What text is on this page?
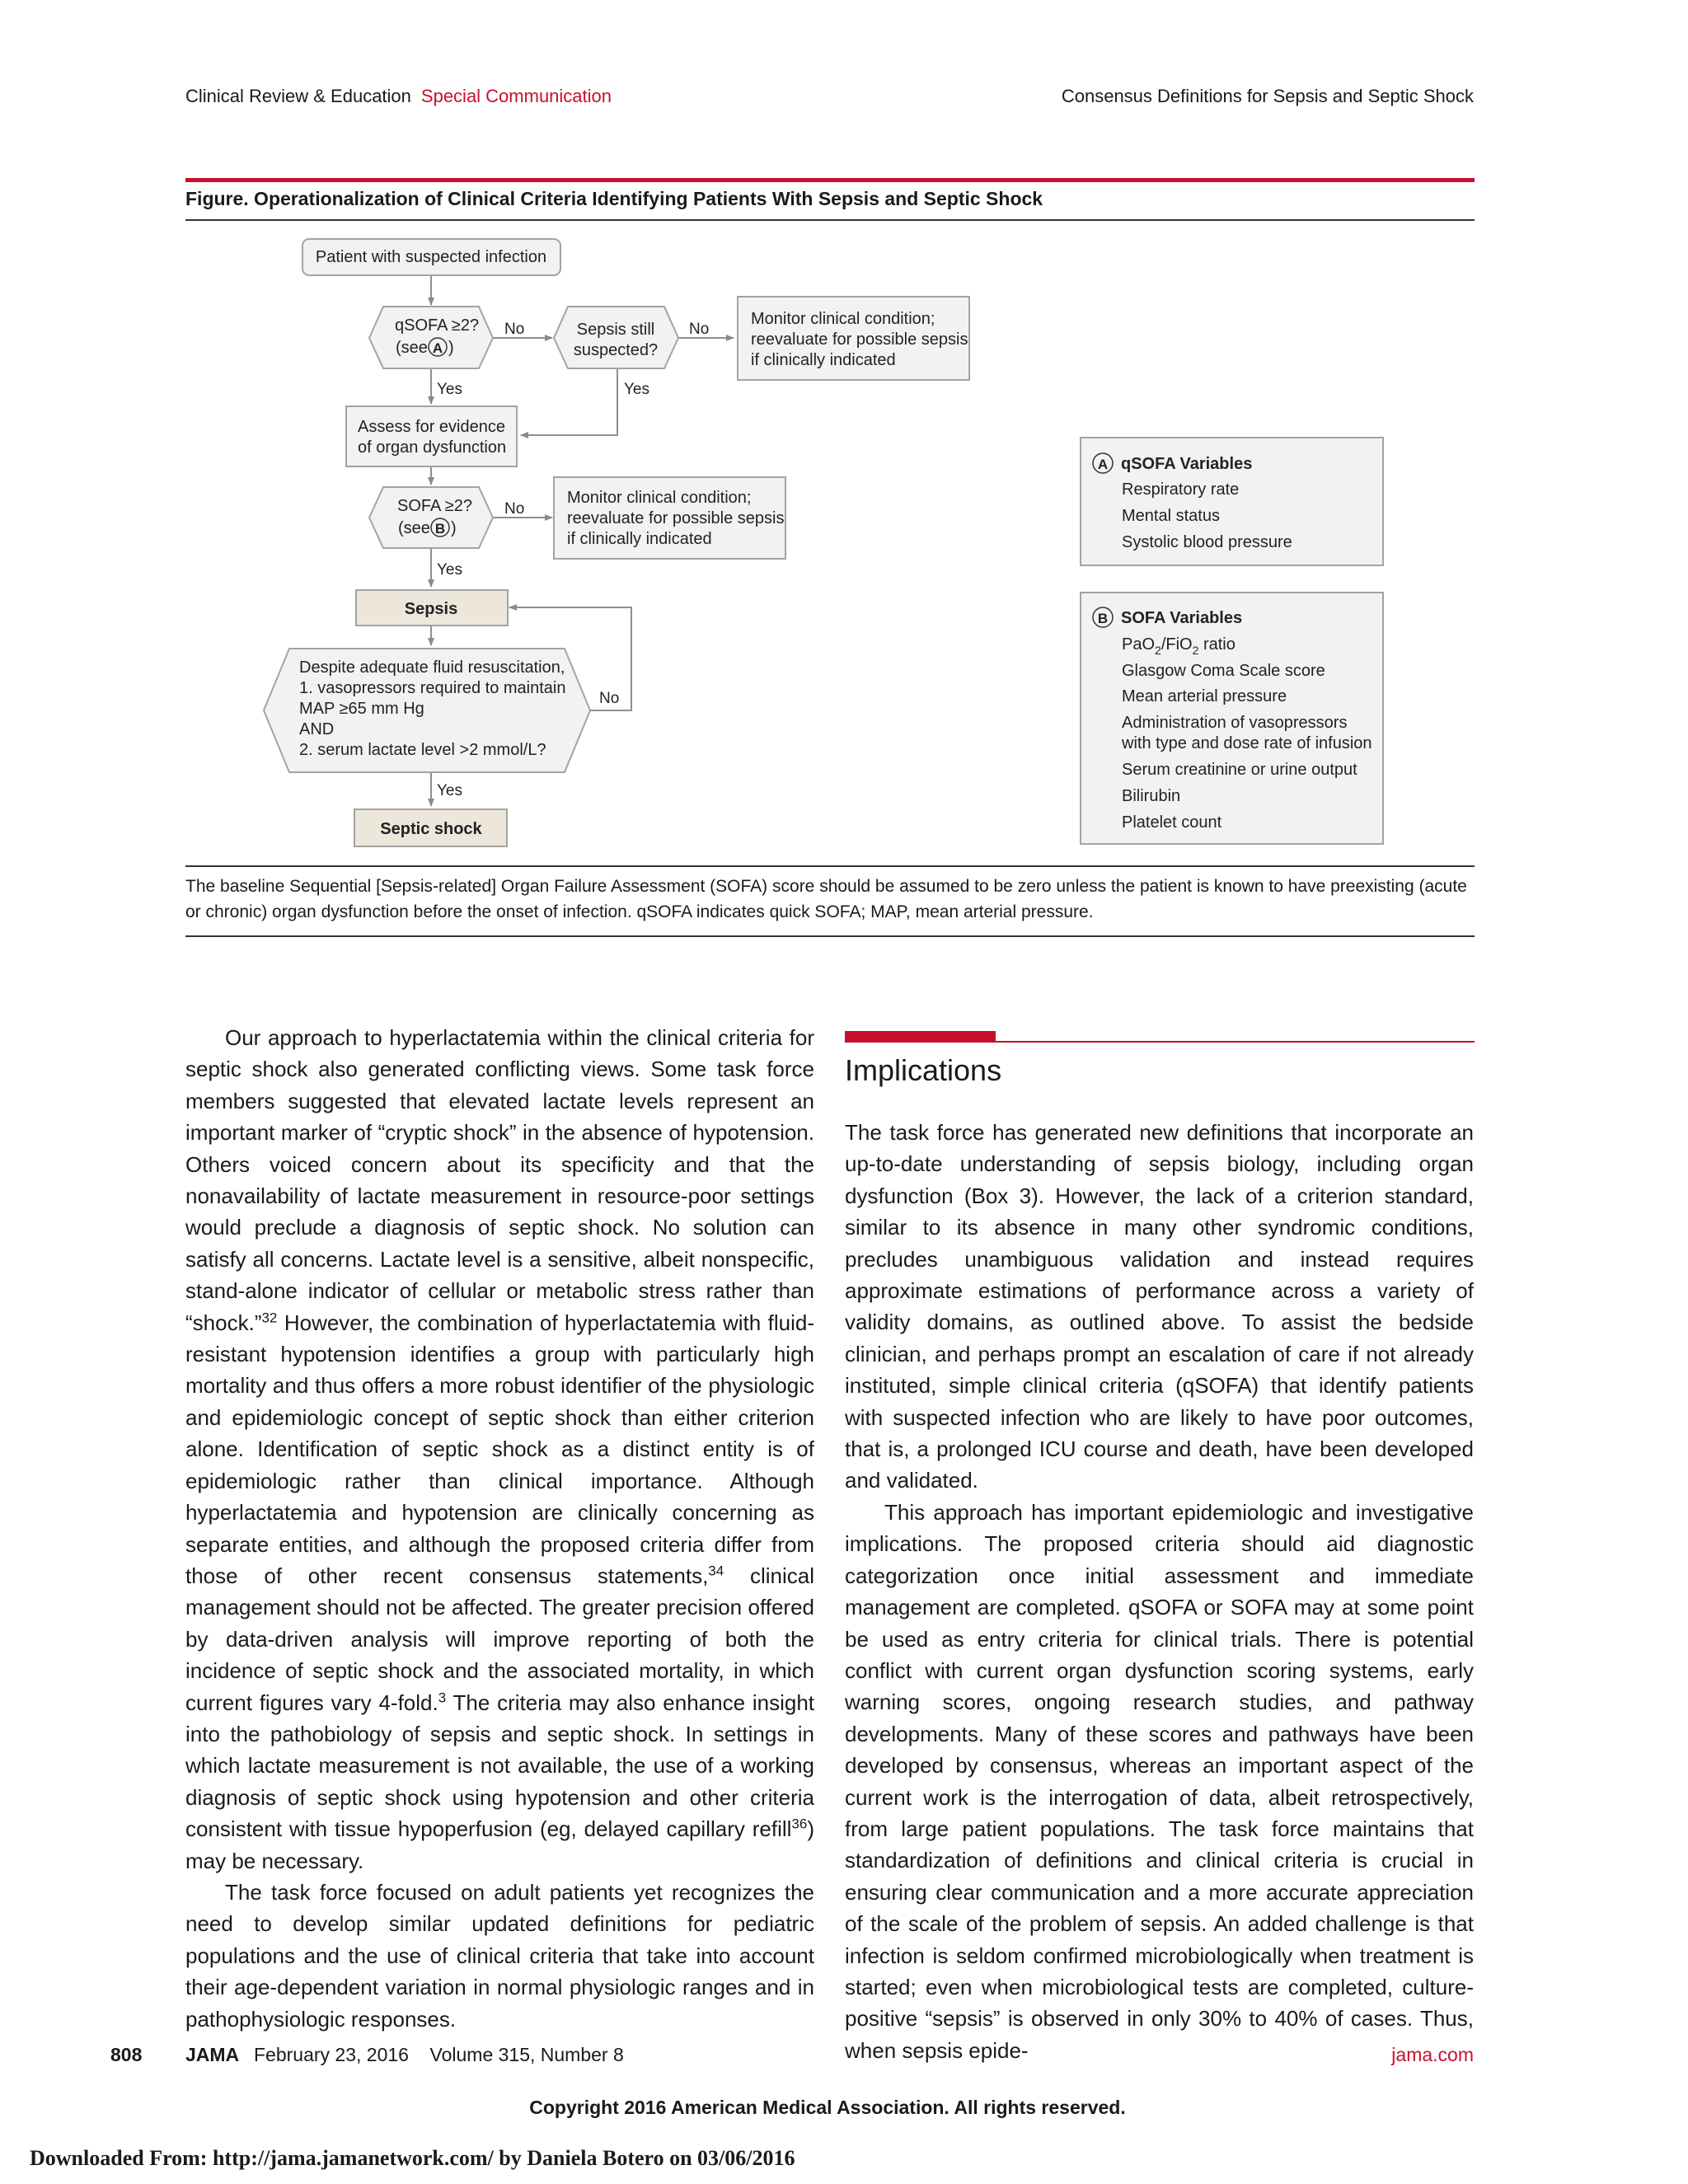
Clinical Review & Education Special Communication	Consensus Definitions for Sepsis and Septic Shock
Figure. Operationalization of Clinical Criteria Identifying Patients With Sepsis and Septic Shock
Patient with suspected infection
qSOFA ≥2?
(see A )
No
Yes
Sepsis still
suspected?
No
Yes
Monitor clinical condition;
reevaluate for possible sepsis
if clinically indicated
Assess for evidence
of organ dysfunction
SOFA ≥2?
(see B )
No
Yes
Monitor clinical condition;
reevaluate for possible sepsis
if clinically indicated
Sepsis
Despite adequate fluid resuscitation,
1. vasopressors required to maintain
MAP ≥65 mm Hg
AND
2. serum lactate level >2 mmol/L?
No
Yes
Septic shock
A qSOFA Variables
Respiratory rate
Mental status
Systolic blood pressure
B SOFA Variables
PaO$_2$/FiO$_2$ ratio
Glasgow Coma Scale score
Mean arterial pressure
Administration of vasopressors
with type and dose rate of infusion
Serum creatinine or urine output
Bilirubin
Platelet count
The baseline Sequential [Sepsis-related] Organ Failure Assessment (SOFA) score should be assumed to be zero unless the patient is known to have preexisting (acute or chronic) organ dysfunction before the onset of infection. qSOFA indicates quick SOFA; MAP, mean arterial pressure.

Our approach to hyperlactatemia within the clinical criteria for septic shock also generated conflicting views. Some task force members suggested that elevated lactate levels represent an important marker of “cryptic shock” in the absence of hypotension. Others voiced concern about its specificity and that the nonavailability of lactate measurement in resource-poor settings would preclude a diagnosis of septic shock. No solution can satisfy all concerns. Lactate level is a sensitive, albeit nonspecific, stand-alone indicator of cellular or metabolic stress rather than “shock.”$^{32}$ However, the combination of hyperlactatemia with fluid-resistant hypotension identifies a group with particularly high mortality and thus offers a more robust identifier of the physiologic and epidemiologic concept of septic shock than either criterion alone. Identification of septic shock as a distinct entity is of epidemiologic rather than clinical importance. Although hyperlactatemia and hypotension are clinically concerning as separate entities, and although the proposed criteria differ from those of other recent consensus statements,$^{34}$ clinical management should not be affected. The greater precision offered by data-driven analysis will improve reporting of both the incidence of septic shock and the associated mortality, in which current figures vary 4-fold.$^3$ The criteria may also enhance insight into the pathobiology of sepsis and septic shock. In settings in which lactate measurement is not available, the use of a working diagnosis of septic shock using hypotension and other criteria consistent with tissue hypoperfusion (eg, delayed capillary refill$^{36}$) may be necessary.

The task force focused on adult patients yet recognizes the need to develop similar updated definitions for pediatric populations and the use of clinical criteria that take into account their age-dependent variation in normal physiologic ranges and in pathophysiologic responses.

Implications

The task force has generated new definitions that incorporate an up-to-date understanding of sepsis biology, including organ dysfunction (Box 3). However, the lack of a criterion standard, similar to its absence in many other syndromic conditions, precludes unambiguous validation and instead requires approximate estimations of performance across a variety of validity domains, as outlined above. To assist the bedside clinician, and perhaps prompt an escalation of care if not already instituted, simple clinical criteria (qSOFA) that identify patients with suspected infection who are likely to have poor outcomes, that is, a prolonged ICU course and death, have been developed and validated.

This approach has important epidemiologic and investigative implications. The proposed criteria should aid diagnostic categorization once initial assessment and immediate management are completed. qSOFA or SOFA may at some point be used as entry criteria for clinical trials. There is potential conflict with current organ dysfunction scoring systems, early warning scores, ongoing research studies, and pathway developments. Many of these scores and pathways have been developed by consensus, whereas an important aspect of the current work is the interrogation of data, albeit retrospectively, from large patient populations. The task force maintains that standardization of definitions and clinical criteria is crucial in ensuring clear communication and a more accurate appreciation of the scale of the problem of sepsis. An added challenge is that infection is seldom confirmed microbiologically when treatment is started; even when microbiological tests are completed, culture-positive “sepsis” is observed in only 30% to 40% of cases. Thus, when sepsis epide-

808 JAMA February 23, 2016    Volume 315, Number 8	jama.com
Copyright 2016 American Medical Association. All rights reserved.
Downloaded From: http://jama.jamanetwork.com/ by Daniela Botero on 03/06/2016
